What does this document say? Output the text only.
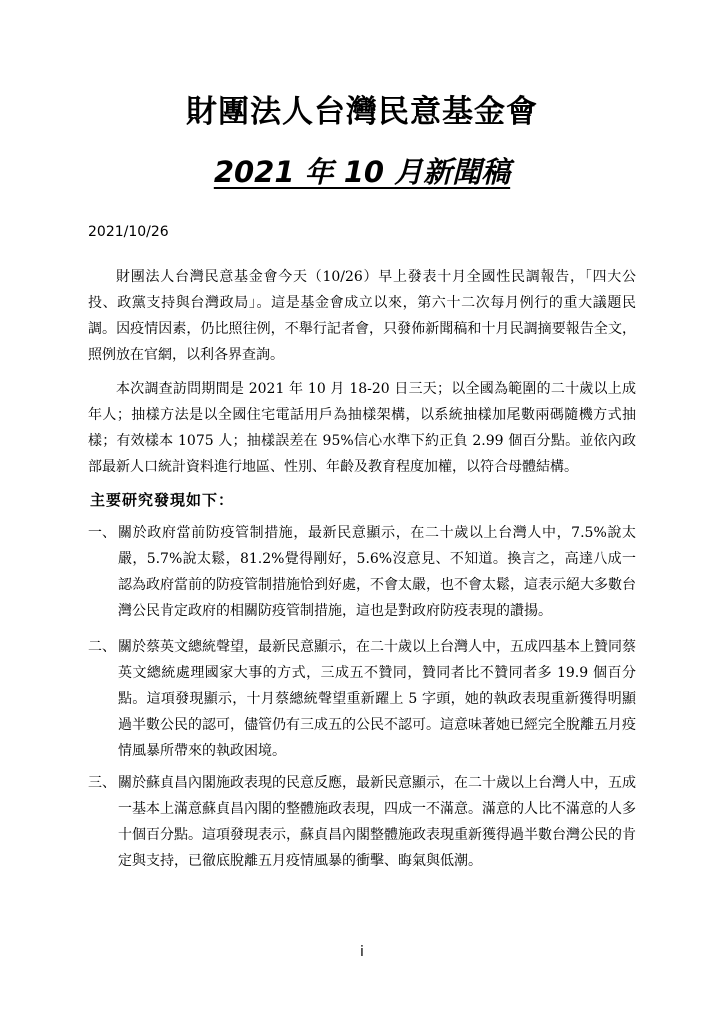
財團法人台灣民意基金會
2021 年 10 月新聞稿
2021/10/26

財團法人台灣民意基金會今天（10/26）早上發表十月全國性民調報告，「四大公投、政黨支持與台灣政局」。這是基金會成立以來，第六十二次每月例行的重大議題民調。因疫情因素，仍比照往例，不舉行記者會，只發佈新聞稿和十月民調摘要報告全文，照例放在官網，以利各界查詢。

本次調查訪問期間是 2021 年 10 月 18-20 日三天；以全國為範圍的二十歲以上成年人；抽樣方法是以全國住宅電話用戶為抽樣架構，以系統抽樣加尾數兩碼隨機方式抽樣；有效樣本 1075 人；抽樣誤差在 95%信心水準下約正負 2.99 個百分點。並依內政部最新人口統計資料進行地區、性別、年齡及教育程度加權，以符合母體結構。

主要研究發現如下：
一、 關於政府當前防疫管制措施，最新民意顯示，在二十歲以上台灣人中，7.5%說太嚴，5.7%說太鬆，81.2%覺得剛好，5.6%沒意見、不知道。換言之，高達八成一認為政府當前的防疫管制措施恰到好處，不會太嚴，也不會太鬆，這表示絕大多數台灣公民肯定政府的相關防疫管制措施，這也是對政府防疫表現的讚揚。
二、 關於蔡英文總統聲望，最新民意顯示，在二十歲以上台灣人中，五成四基本上贊同蔡英文總統處理國家大事的方式，三成五不贊同，贊同者比不贊同者多 19.9 個百分點。這項發現顯示，十月蔡總統聲望重新躍上 5 字頭，她的執政表現重新獲得明顯過半數公民的認可，儘管仍有三成五的公民不認可。這意味著她已經完全脫離五月疫情風暴所帶來的執政困境。
三、 關於蘇貞昌內閣施政表現的民意反應，最新民意顯示，在二十歲以上台灣人中，五成一基本上滿意蘇貞昌內閣的整體施政表現，四成一不滿意。滿意的人比不滿意的人多十個百分點。這項發現表示，蘇貞昌內閣整體施政表現重新獲得過半數台灣公民的肯定與支持，已徹底脫離五月疫情風暴的衝擊、晦氣與低潮。
i
